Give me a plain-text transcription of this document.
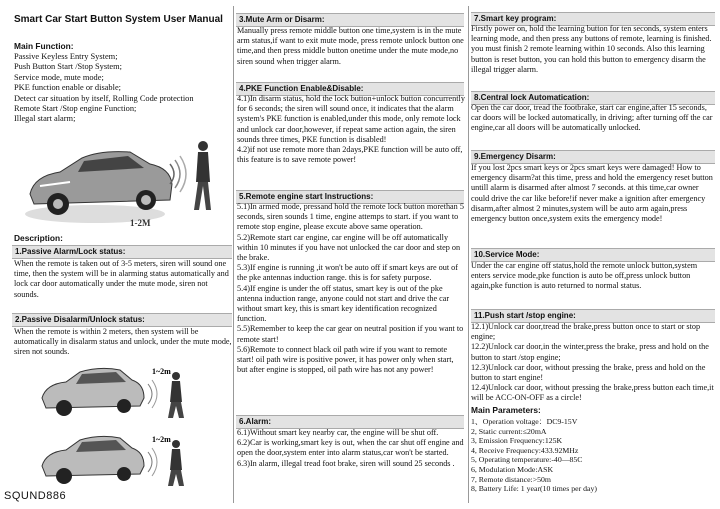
Smart Car Start Button System User Manual
Main Function:
Passive Keyless Entry System;
Push Button Start /Stop System;
Service mode, mute mode;
PKE function enable or disable;
Detect car situation by itself, Rolling Code protection
Remote Start /Stop engine Function;
Illegal start alarm;
1-2M
Description:
1.Passive Alarm/Lock status:
When the remote is taken out of 3-5 meters, siren will sound one time, then the system will be in alarming status automatically and lock car door automatically under the mute mode, siren not sounds.
2.Passive Disalarm/Unlock status:
When the remote is within 2 meters, then system will be automatically in disalarm status and unlock, under the mute mode, siren not sounds.
1~2m
1~2m
SQUND886
3.Mute Arm or Disarm:
Manually press remote middle button one time,system is in the mute arm status,if want to exit mute mode, press remote unlock button one time,and then press middle button onetime under the mute mode,no siren sound when trigger alarm.
4.PKE Function Enable&Disable:
4.1)In disarm status, hold the lock button+unlock button concurrently for 6 seconds; the siren will sound once, it indicates that the alarm system's PKE function is enabled,under this mode, only remote lock and unlock car door,however, if repeat same action again, the siren sounds three times, PKE function is disabled!
4.2)if not use remote more than 2days,PKE function will be auto off, this feature is to save remote power!
5.Remote engine start Instructions:
5.1)In armed mode, pressand hold the remote lock button morethan 5 seconds, siren sounds 1 time, engine attemps to start. if you want to remote stop engine, please excute above same operation.
5.2)Remote start car engine, car engine will be off automatically within 10 minutes if you have not unlocked the car door and step on the brake.
5.3)If engine is running ,it won't be auto off if smart keys are out of the pke antennas induction range. this is for safety purpose.
5.4)If engine is under the off status, smart key is out of the pke antenna induction range, anyone could not start and drive the car without smart key, this is smart key identification recognized function.
5.5)Remember to keep the car gear on neutral position if you want to remote start!
5.6)Remote to connect black oil path wire if you want to remote start! oil path wire is positive power, it has power only when start, but after engine is stopped, oil path wire has not any power!
6.Alarm:
6.1)Without smart key nearby car, the engine will be shut off.
6.2)Car is working,smart key is out, when the car shut off engine and open the door,system enter into alarm status,car won't be started.
6.3)In alarm, illegal tread foot brake, siren will sound 25 seconds .
7.Smart key program:
Firstly power on, hold the learning button for ten seconds, system enters learning mode, and then press any buttons of remote, learning is finished. you must finish 2 remote learning within 10 seconds. Also this learning button is reset button, you can hold this button to emergency disarm the illegal trigger alarm.
8.Central lock Automatication:
Open the car door, tread the footbrake, start car engine,after 15 seconds, car doors will be locked automatically, in driving; after turning off the car engine,car all doors will be automatically unlocked.
9.Emergency Disarm:
If you lost 2pcs smart keys or 2pcs smart keys were damaged! How to emergency disarm?at this time, press and hold the emergency reset button untill alarm is disarmed after almost 7 seconds. at this time,car owner could drive the car like before!if never make a ignition after emergency disarm,after almost 2 minutes,system will be auto arm again,press emergency button once,system exits the emergency mode!
10.Service Mode:
Under the car engine off status,hold the remote unlock button,system enters service mode,pke function is auto be off,press unlock button again,pke function is auto returned to normal status.
11.Push start /stop engine:
12.1)Unlock car door,tread the brake,press button once to start or stop engine;
12.2)Unlock car door,in the winter,press the brake, press and hold on the button to start /stop engine;
12.3)Unlock car door, without pressing the brake, press and hold on the button to start engine!
12.4)Unlock car door, without pressing the brake,press button each time,it will be ACC-ON-OFF as a circle!
Main Parameters:
1、Operation voltage：DC9-15V
2, Static current:≤20mA
3, Emission Frequency:125K
4, Receive Frequency:433.92MHz
5, Operating temperature:-40—85C
6, Modulation Mode:ASK
7, Remote distance:>50m
8, Battery Life: 1 year(10 times per day)
